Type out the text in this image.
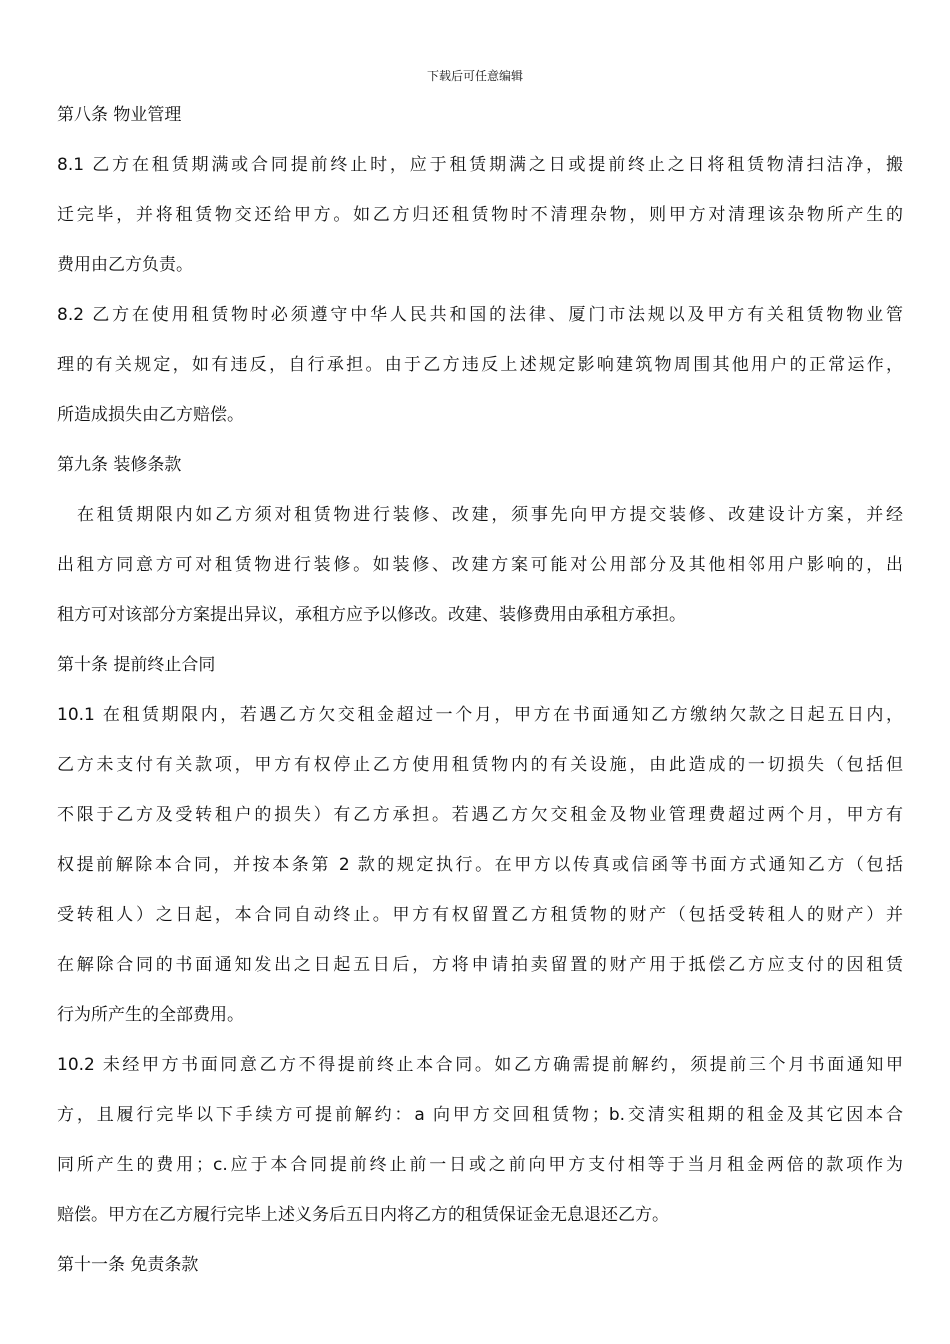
下载后可任意编辑
第八条 物业管理
8.1 乙方在租赁期满或合同提前终止时，应于租赁期满之日或提前终止之日将租赁物清扫洁净，搬
迁完毕，并将租赁物交还给甲方。如乙方归还租赁物时不清理杂物，则甲方对清理该杂物所产生的
费用由乙方负责。
8.2 乙方在使用租赁物时必须遵守中华人民共和国的法律、厦门市法规以及甲方有关租赁物物业管
理的有关规定，如有违反，自行承担。由于乙方违反上述规定影响建筑物周围其他用户的正常运作，
所造成损失由乙方赔偿。
第九条 装修条款
在租赁期限内如乙方须对租赁物进行装修、改建，须事先向甲方提交装修、改建设计方案，并经
出租方同意方可对租赁物进行装修。如装修、改建方案可能对公用部分及其他相邻用户影响的，出
租方可对该部分方案提出异议，承租方应予以修改。改建、装修费用由承租方承担。
第十条 提前终止合同
10.1 在租赁期限内，若遇乙方欠交租金超过一个月，甲方在书面通知乙方缴纳欠款之日起五日内，
乙方未支付有关款项，甲方有权停止乙方使用租赁物内的有关设施，由此造成的一切损失（包括但
不限于乙方及受转租户的损失）有乙方承担。若遇乙方欠交租金及物业管理费超过两个月，甲方有
权提前解除本合同，并按本条第 2 款的规定执行。在甲方以传真或信函等书面方式通知乙方（包括
受转租人）之日起，本合同自动终止。甲方有权留置乙方租赁物的财产（包括受转租人的财产）并
在解除合同的书面通知发出之日起五日后，方将申请拍卖留置的财产用于抵偿乙方应支付的因租赁
行为所产生的全部费用。
10.2 未经甲方书面同意乙方不得提前终止本合同。如乙方确需提前解约，须提前三个月书面通知甲
方，且履行完毕以下手续方可提前解约：a 向甲方交回租赁物；b.交清实租期的租金及其它因本合
同所产生的费用；c.应于本合同提前终止前一日或之前向甲方支付相等于当月租金两倍的款项作为
赔偿。甲方在乙方履行完毕上述义务后五日内将乙方的租赁保证金无息退还乙方。
第十一条 免责条款
